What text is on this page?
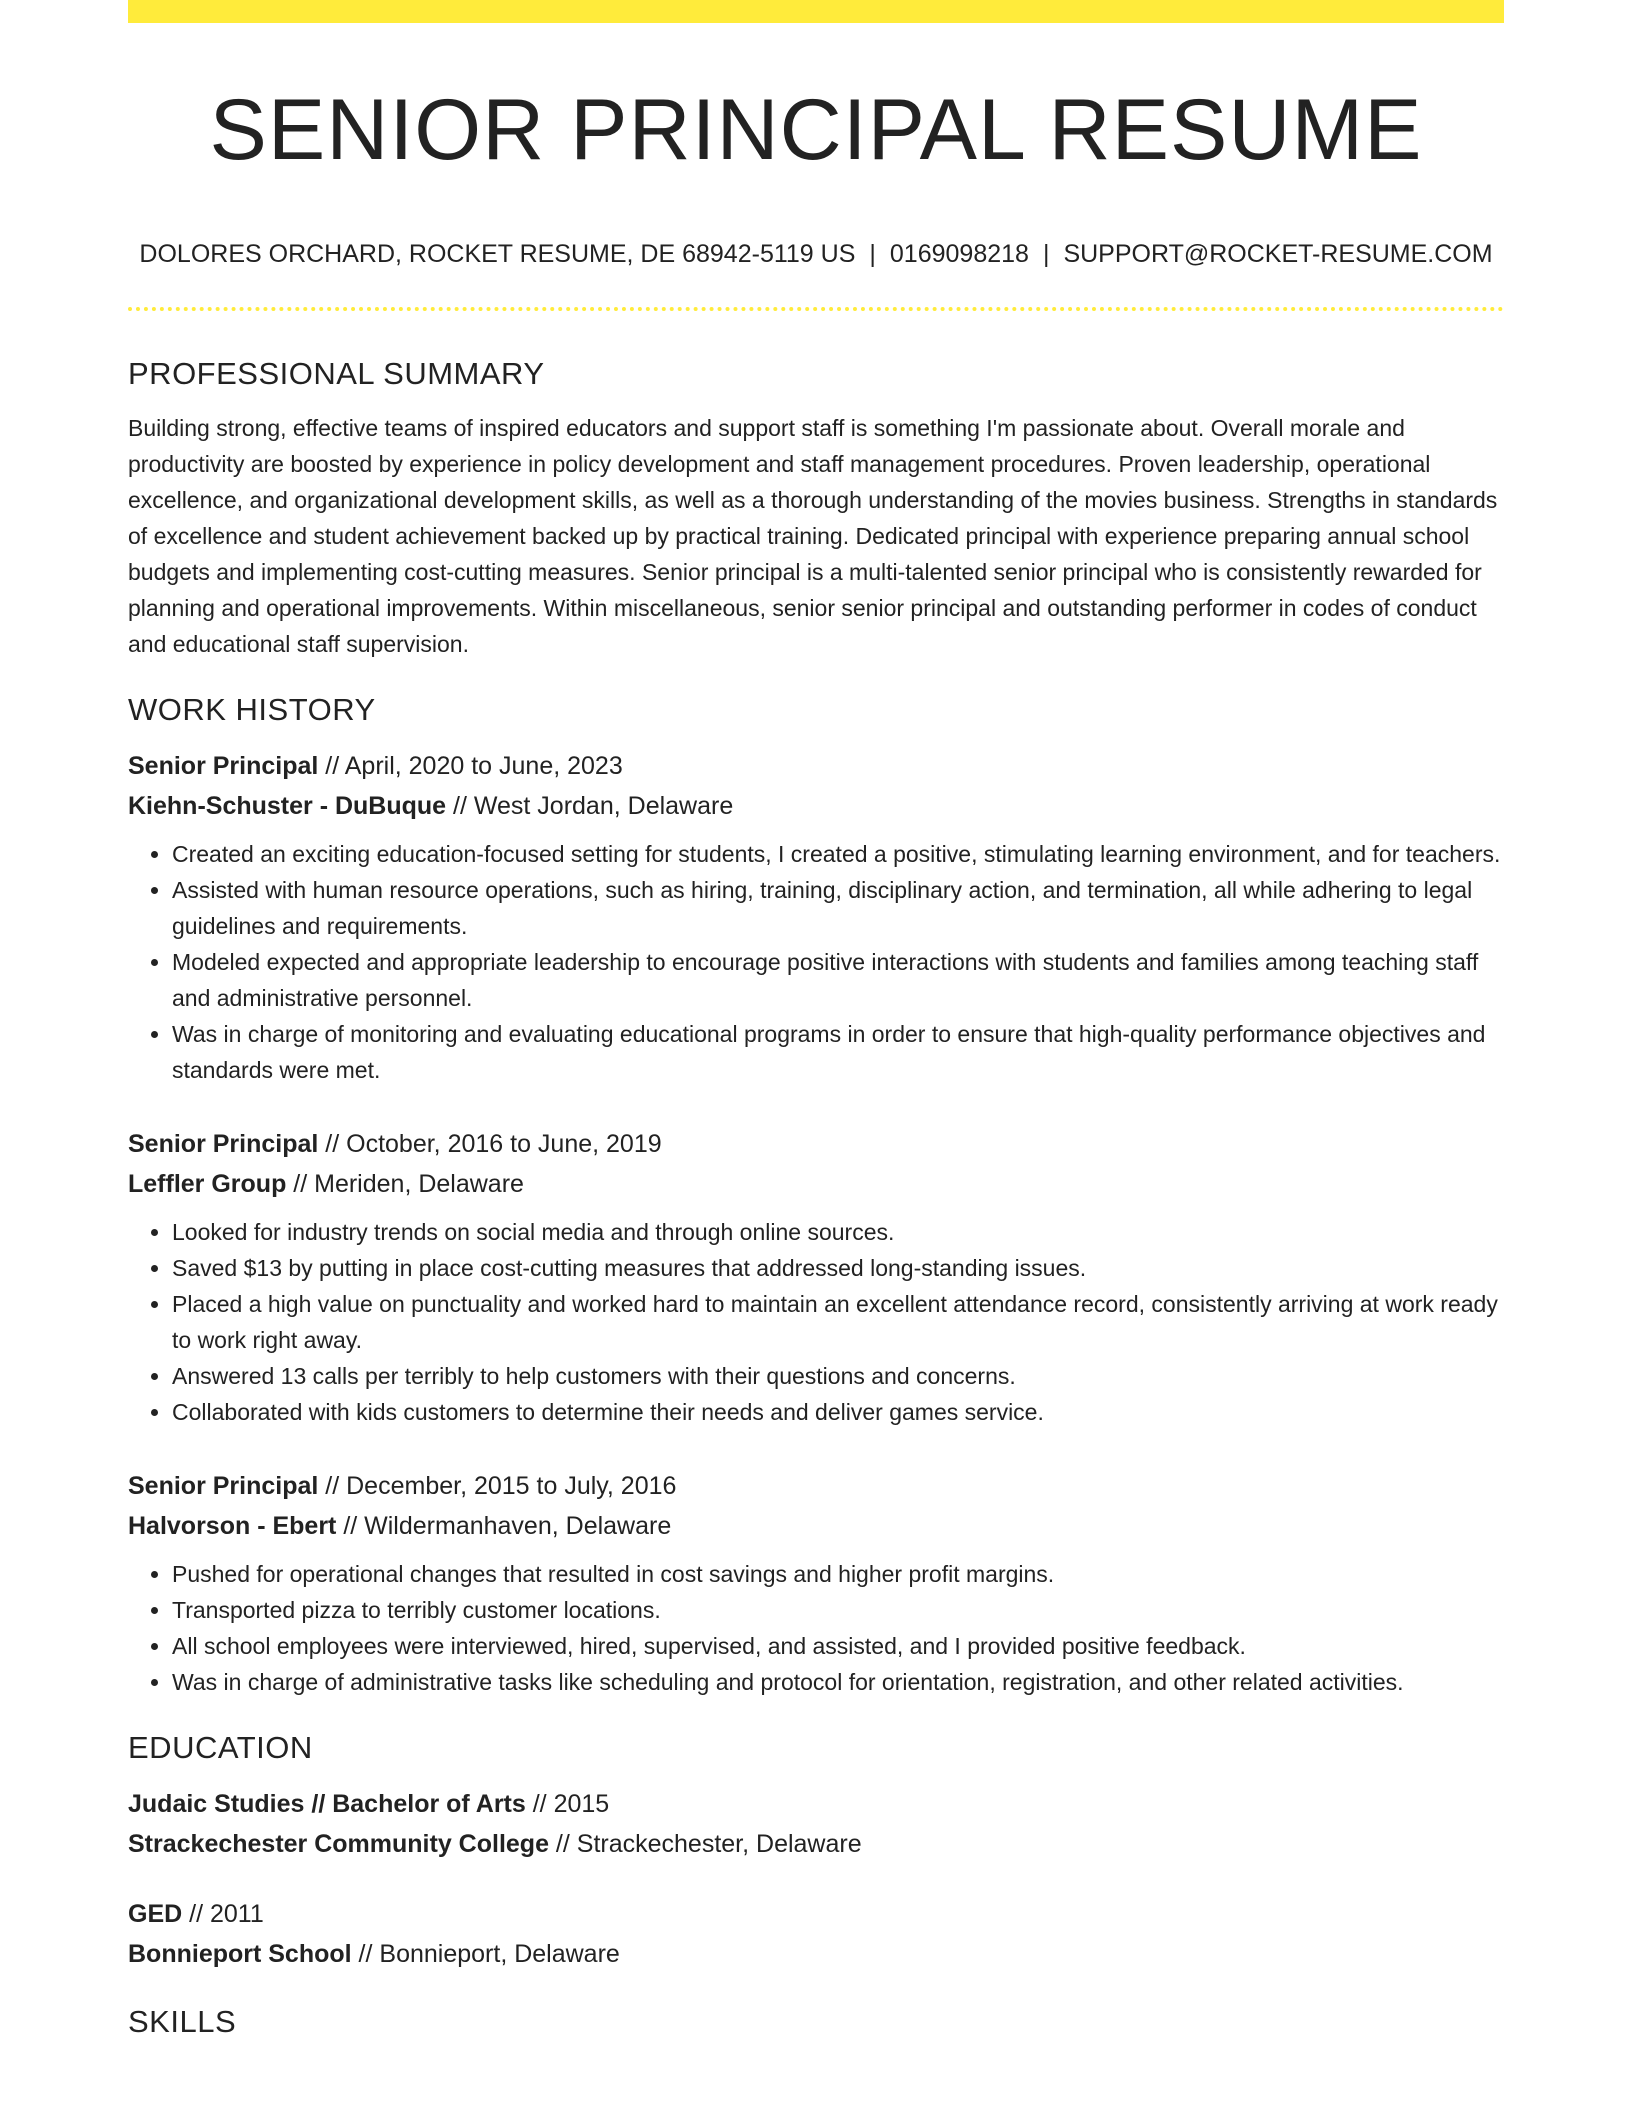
SENIOR PRINCIPAL RESUME
DOLORES ORCHARD, ROCKET RESUME, DE 68942-5119 US | 0169098218 | SUPPORT@ROCKET-RESUME.COM
PROFESSIONAL SUMMARY

Building strong, effective teams of inspired educators and support staff is something I'm passionate about. Overall morale and productivity are boosted by experience in policy development and staff management procedures. Proven leadership, operational excellence, and organizational development skills, as well as a thorough understanding of the movies business. Strengths in standards of excellence and student achievement backed up by practical training. Dedicated principal with experience preparing annual school budgets and implementing cost-cutting measures. Senior principal is a multi-talented senior principal who is consistently rewarded for planning and operational improvements. Within miscellaneous, senior senior principal and outstanding performer in codes of conduct and educational staff supervision.

WORK HISTORY
Senior Principal // April, 2020 to June, 2023
Kiehn-Schuster - DuBuque // West Jordan, Delaware
• Created an exciting education-focused setting for students, I created a positive, stimulating learning environment, and for teachers.
• Assisted with human resource operations, such as hiring, training, disciplinary action, and termination, all while adhering to legal guidelines and requirements.
• Modeled expected and appropriate leadership to encourage positive interactions with students and families among teaching staff and administrative personnel.
• Was in charge of monitoring and evaluating educational programs in order to ensure that high-quality performance objectives and standards were met.
Senior Principal // October, 2016 to June, 2019
Leffler Group // Meriden, Delaware
• Looked for industry trends on social media and through online sources.
• Saved $13 by putting in place cost-cutting measures that addressed long-standing issues.
• Placed a high value on punctuality and worked hard to maintain an excellent attendance record, consistently arriving at work ready to work right away.
• Answered 13 calls per terribly to help customers with their questions and concerns.
• Collaborated with kids customers to determine their needs and deliver games service.
Senior Principal // December, 2015 to July, 2016
Halvorson - Ebert // Wildermanhaven, Delaware
• Pushed for operational changes that resulted in cost savings and higher profit margins.
• Transported pizza to terribly customer locations.
• All school employees were interviewed, hired, supervised, and assisted, and I provided positive feedback.
• Was in charge of administrative tasks like scheduling and protocol for orientation, registration, and other related activities.
EDUCATION
Judaic Studies // Bachelor of Arts // 2015
Strackechester Community College // Strackechester, Delaware
GED // 2011
Bonnieport School // Bonnieport, Delaware
SKILLS
